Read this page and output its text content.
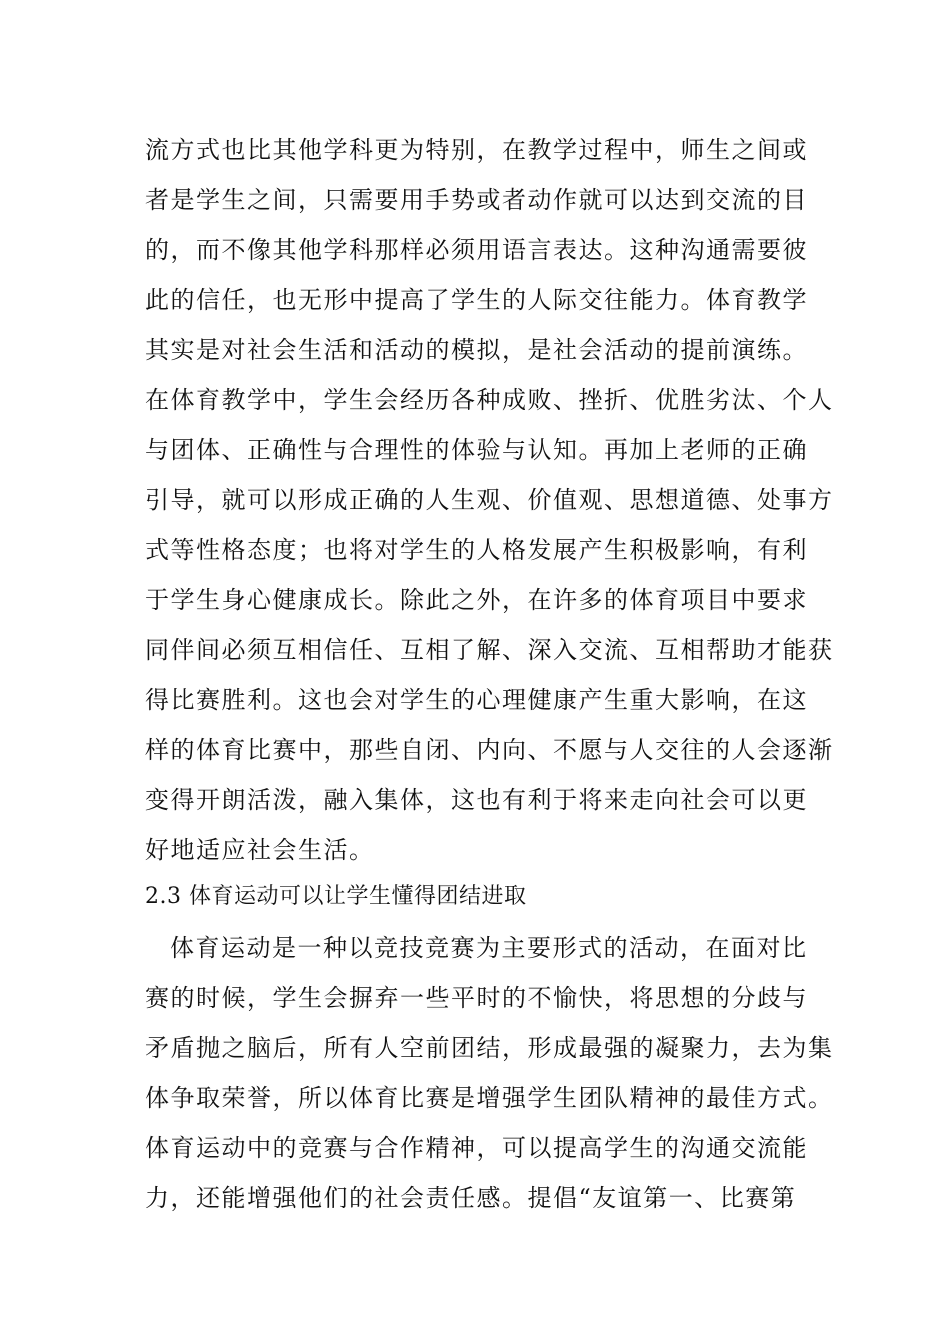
流方式也比其他学科更为特别，在教学过程中，师生之间或
者是学生之间，只需要用手势或者动作就可以达到交流的目
的，而不像其他学科那样必须用语言表达。这种沟通需要彼
此的信任，也无形中提高了学生的人际交往能力。体育教学
其实是对社会生活和活动的模拟，是社会活动的提前演练。
在体育教学中，学生会经历各种成败、挫折、优胜劣汰、个人
与团体、正确性与合理性的体验与认知。再加上老师的正确
引导，就可以形成正确的人生观、价值观、思想道德、处事方
式等性格态度；也将对学生的人格发展产生积极影响，有利
于学生身心健康成长。除此之外，在许多的体育项目中要求
同伴间必须互相信任、互相了解、深入交流、互相帮助才能获
得比赛胜利。这也会对学生的心理健康产生重大影响，在这
样的体育比赛中，那些自闭、内向、不愿与人交往的人会逐渐
变得开朗活泼，融入集体，这也有利于将来走向社会可以更
好地适应社会生活。
2.3 体育运动可以让学生懂得团结进取
体育运动是一种以竞技竞赛为主要形式的活动，在面对比
赛的时候，学生会摒弃一些平时的不愉快，将思想的分歧与
矛盾抛之脑后，所有人空前团结，形成最强的凝聚力，去为集
体争取荣誉，所以体育比赛是增强学生团队精神的最佳方式。
体育运动中的竞赛与合作精神，可以提高学生的沟通交流能
力，还能增强他们的社会责任感。提倡“友谊第一、比赛第
